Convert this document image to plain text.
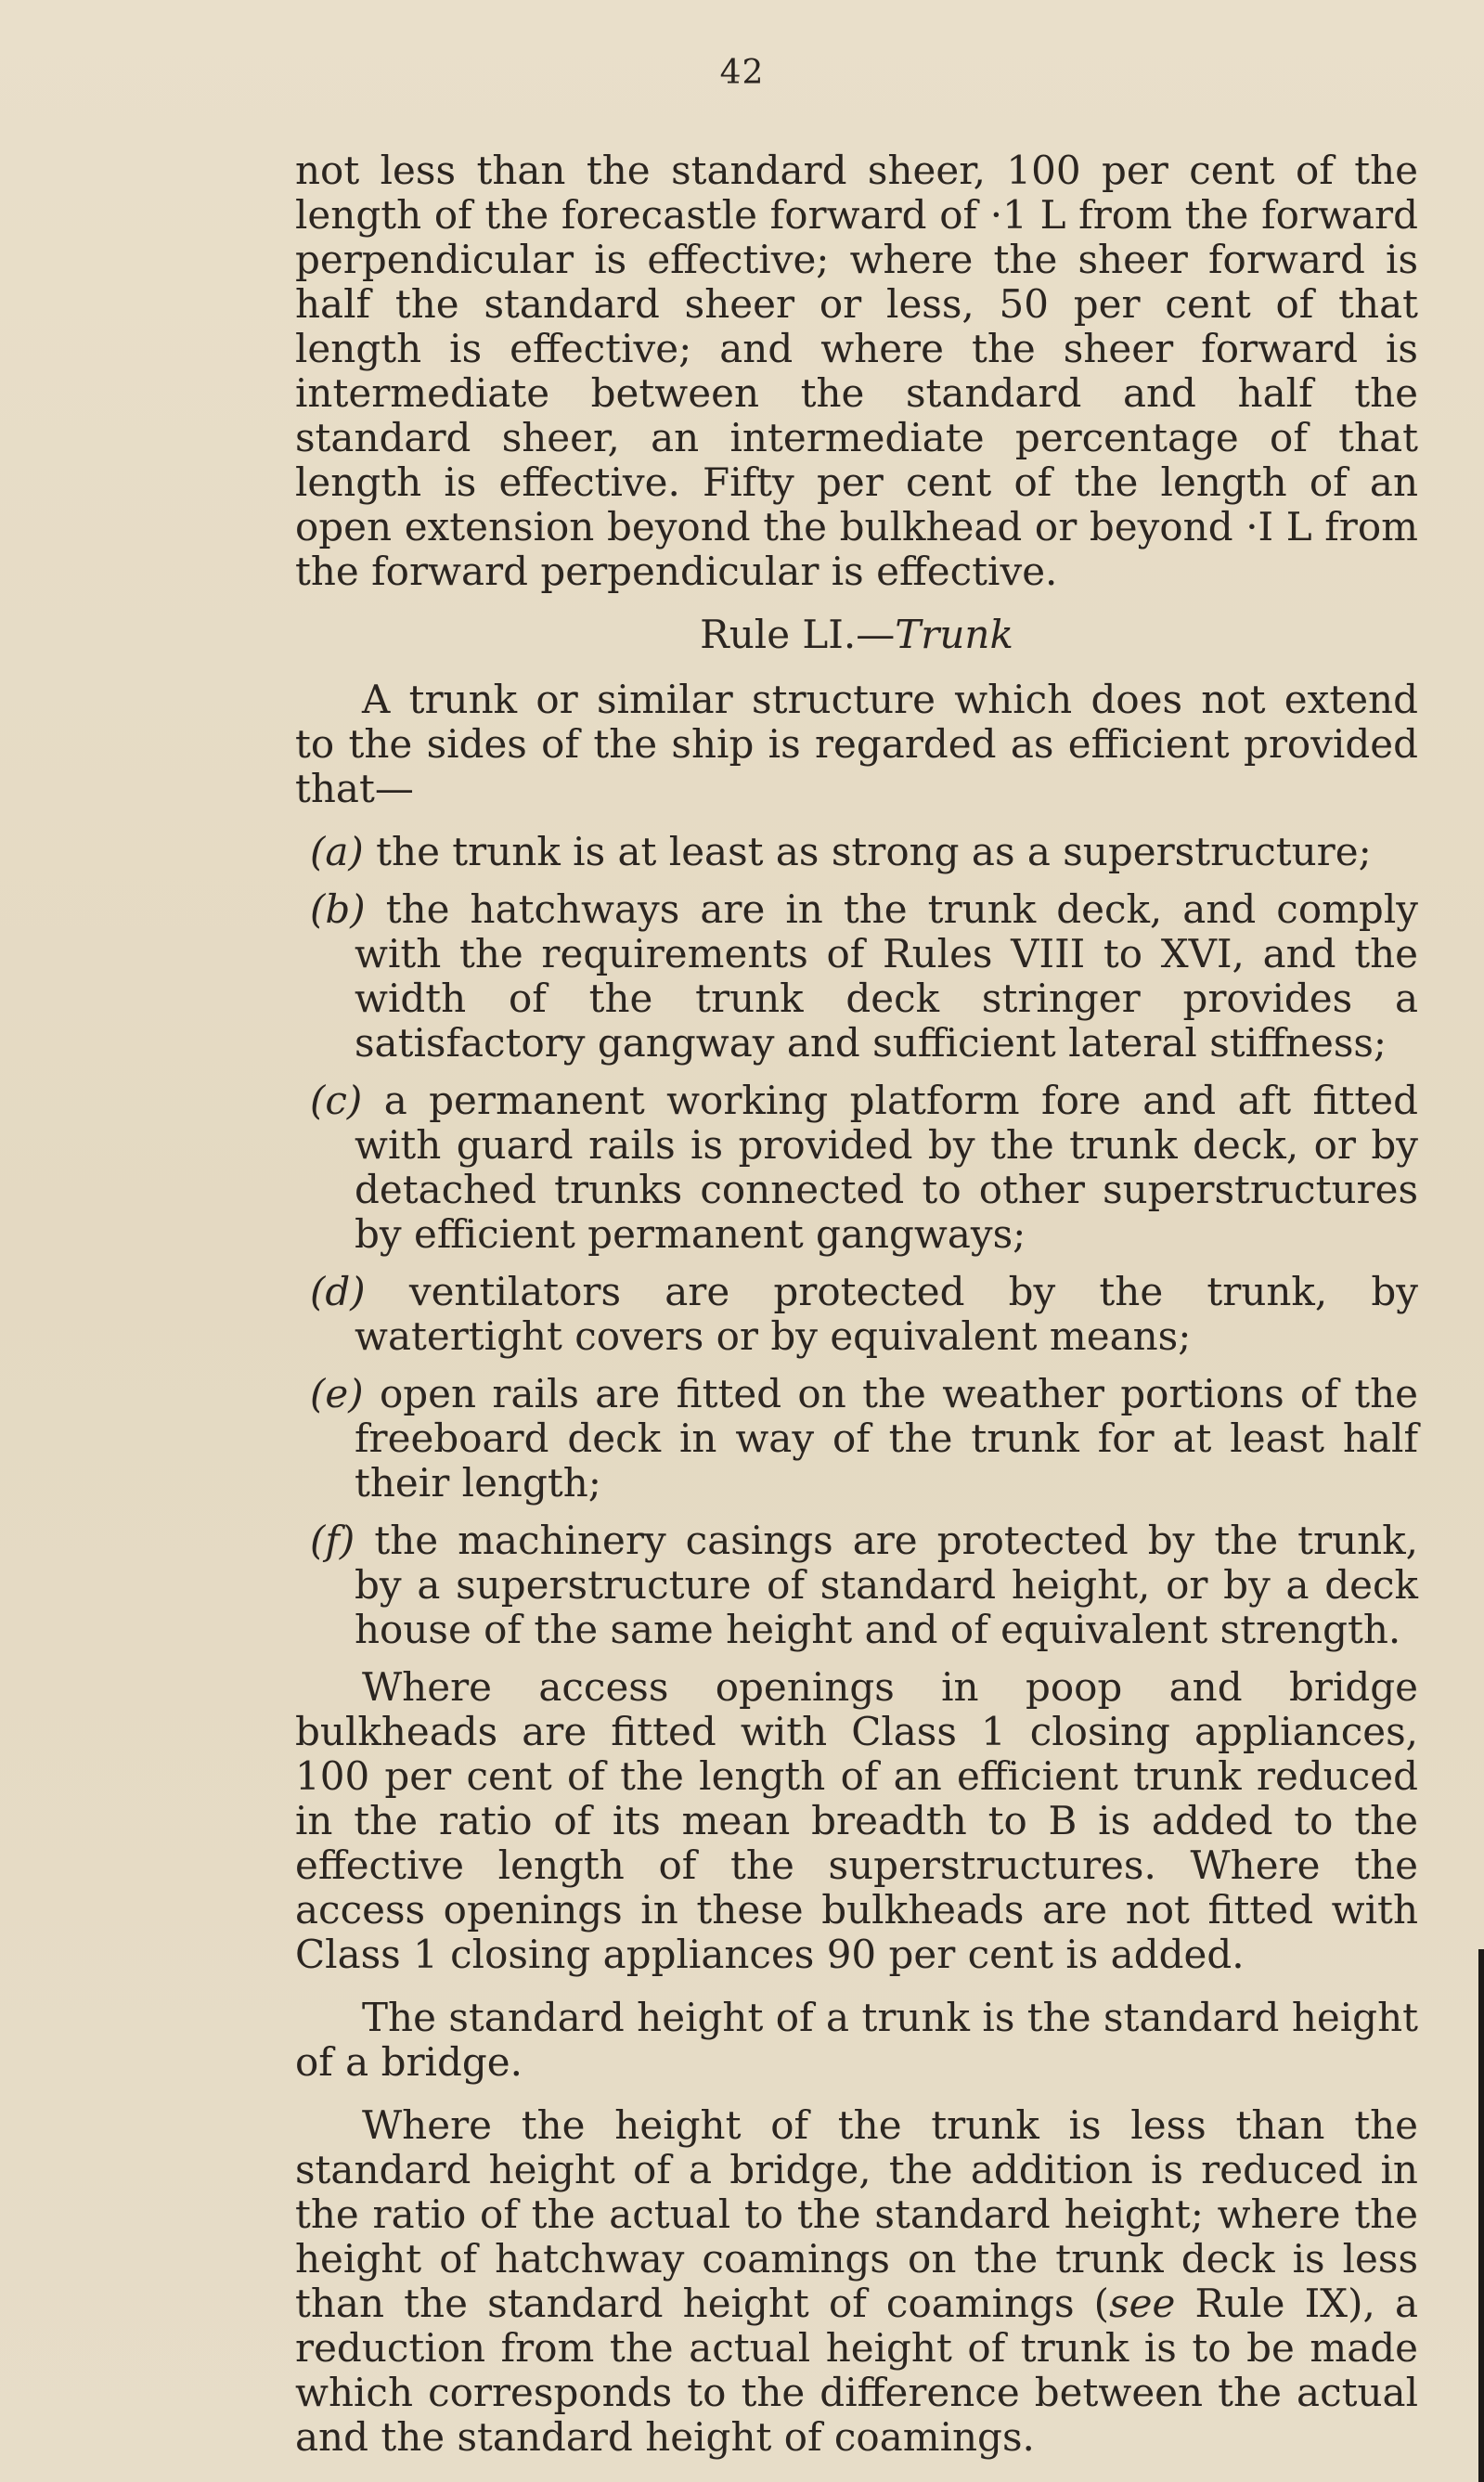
42

not less than the standard sheer, 100 per cent of the length of the forecastle forward of ·1 L from the forward perpendicular is effective; where the sheer forward is half the standard sheer or less, 50 per cent of that length is effective; and where the sheer forward is intermediate between the standard and half the standard sheer, an intermediate percentage of that length is effective. Fifty per cent of the length of an open extension beyond the bulkhead or beyond ·I L from the forward perpendicular is effective.

Rule LI.—Trunk

A trunk or similar structure which does not extend to the sides of the ship is regarded as efficient provided that—

(a) the trunk is at least as strong as a superstructure;

(b) the hatchways are in the trunk deck, and comply with the requirements of Rules VIII to XVI, and the width of the trunk deck stringer provides a satisfactory gangway and sufficient lateral stiffness;

(c) a permanent working platform fore and aft fitted with guard rails is provided by the trunk deck, or by detached trunks connected to other superstructures by efficient permanent gangways;

(d) ventilators are protected by the trunk, by watertight covers or by equivalent means;

(e) open rails are fitted on the weather portions of the freeboard deck in way of the trunk for at least half their length;

(f) the machinery casings are protected by the trunk, by a superstructure of standard height, or by a deck house of the same height and of equivalent strength.

Where access openings in poop and bridge bulkheads are fitted with Class 1 closing appliances, 100 per cent of the length of an efficient trunk reduced in the ratio of its mean breadth to B is added to the effective length of the superstructures. Where the access openings in these bulkheads are not fitted with Class 1 closing appliances 90 per cent is added.

The standard height of a trunk is the standard height of a bridge.

Where the height of the trunk is less than the standard height of a bridge, the addition is reduced in the ratio of the actual to the standard height; where the height of hatchway coamings on the trunk deck is less than the standard height of coamings (see Rule IX), a reduction from the actual height of trunk is to be made which corresponds to the difference between the actual and the standard height of coamings.
